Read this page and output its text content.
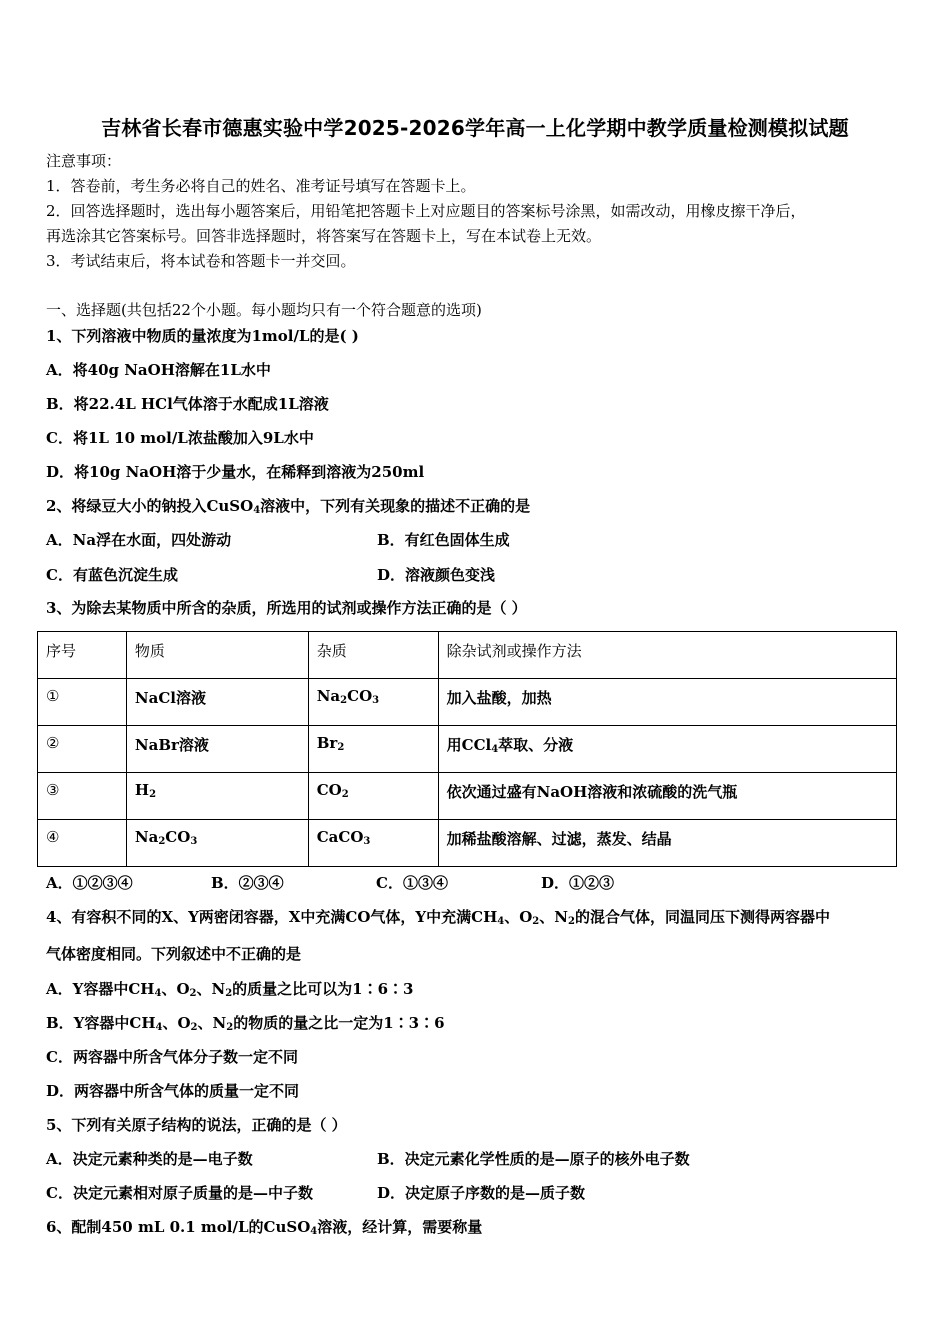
吉林省长春市德惠实验中学2025-2026学年高一上化学期中教学质量检测模拟试题
注意事项：
1．答卷前，考生务必将自己的姓名、准考证号填写在答题卡上。
2．回答选择题时，选出每小题答案后，用铅笔把答题卡上对应题目的答案标号涂黑，如需改动，用橡皮擦干净后，
再选涂其它答案标号。回答非选择题时，将答案写在答题卡上，写在本试卷上无效。
3．考试结束后，将本试卷和答题卡一并交回。
一、选择题(共包括22个小题。每小题均只有一个符合题意的选项)
1、下列溶液中物质的量浓度为1mol/L的是( )
A．将40g NaOH溶解在1L水中
B．将22.4L HCl气体溶于水配成1L溶液
C．将1L 10 mol/L浓盐酸加入9L水中
D．将10g NaOH溶于少量水，在稀释到溶液为250ml
2、将绿豆大小的钠投入CuSO$_4$溶液中，下列有关现象的描述不正确的是
A．Na浮在水面，四处游动	B．有红色固体生成
C．有蓝色沉淀生成	D．溶液颜色变浅
3、为除去某物质中所含的杂质，所选用的试剂或操作方法正确的是（ ）
序号	物质	杂质	除杂试剂或操作方法
①	NaCl溶液	$Na_2CO_3$	加入盐酸，加热
②	NaBr溶液	$Br_2$	用CCl$_4$萃取、分液
③	$H_2$	$CO_2$	依次通过盛有NaOH溶液和浓硫酸的洗气瓶
④	$Na_2CO_3$	CaCO$_3$	加稀盐酸溶解、过滤，蒸发、结晶
A．①②③④	B．②③④	C．①③④	D．①②③
4、有容积不同的X、Y两密闭容器，X中充满CO气体，Y中充满$CH_4$、$O_2$、$N_2$的混合气体，同温同压下测得两容器中
气体密度相同。下列叙述中不正确的是
A．Y容器中$CH_4$、$O_2$、$N_2$的质量之比可以为1∶6∶3
B．Y容器中$CH_4$、$O_2$、$N_2$的物质的量之比一定为1∶3∶6
C．两容器中所含气体分子数一定不同
D．两容器中所含气体的质量一定不同
5、下列有关原子结构的说法，正确的是（ ）
A．决定元素种类的是—电子数	B．决定元素化学性质的是—原子的核外电子数
C．决定元素相对原子质量的是—中子数	D．决定原子序数的是—质子数
6、配制450 mL 0.1 mol/L的CuSO$_4$溶液，经计算，需要称量
